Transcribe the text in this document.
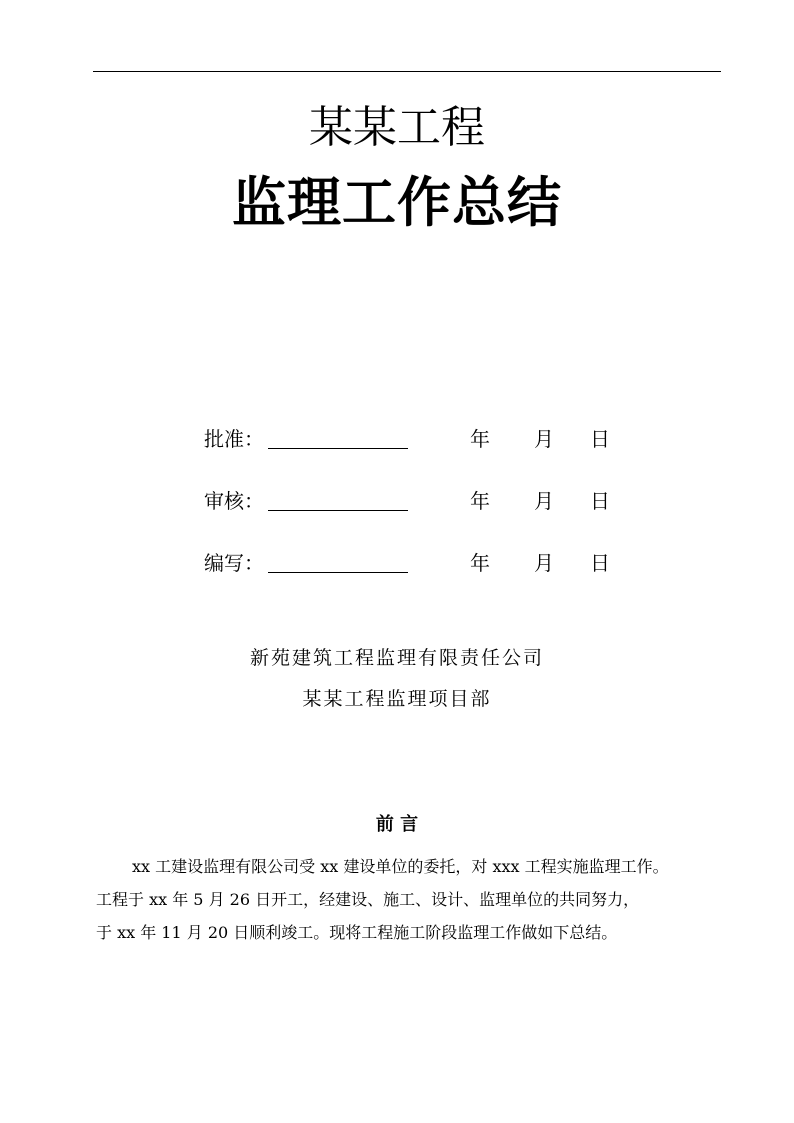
某某工程
监理工作总结
批准：	年 月 日
审核：	年 月 日
编写：	年 月 日
新苑建筑工程监理有限责任公司
某某工程监理项目部
前 言
xx 工建设监理有限公司受 xx 建设单位的委托，对 xxx 工程实施监理工作。
工程于 xx 年 5 月 26 日开工，经建设、施工、设计、监理单位的共同努力，
于 xx 年 11 月 20 日顺利竣工。现将工程施工阶段监理工作做如下总结。
